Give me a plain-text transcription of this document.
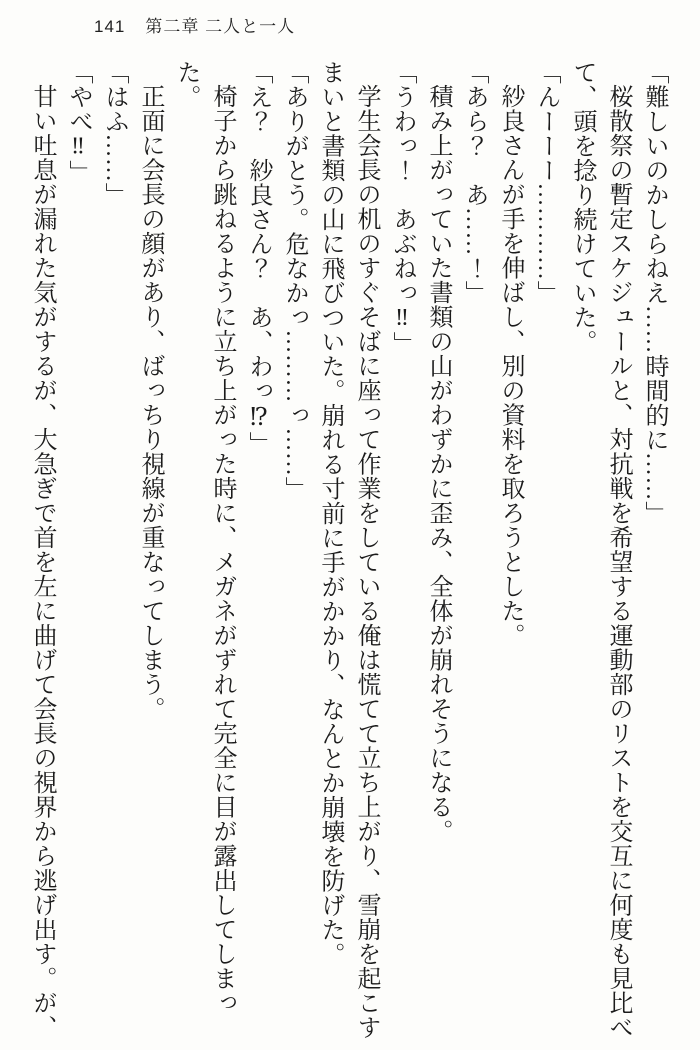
141 第二章 二人と一人

「難しいのかしらねえ……時間的に……」

桜散祭の暫定スケジュールと、対抗戦を希望する運動部のリストを交互に何度も見比べて、頭を捻り続けていた。

「んーーー…………」

紗良さんが手を伸ばし、別の資料を取ろうとした。

「あら？　あ……！」

積み上がっていた書類の山がわずかに歪み、全体が崩れそうになる。

「うわっ！　あぶねっ‼」

学生会長の机のすぐそばに座って作業をしている俺は慌てて立ち上がり、雪崩を起こすまいと書類の山に飛びついた。崩れる寸前に手がかかり、なんとか崩壊を防げた。

「ありがとう。危なかっ………っ……」

「え？　紗良さん？　あ、わっ⁉」

椅子から跳ねるように立ち上がった時に、メガネがずれて完全に目が露出してしまった。

正面に会長の顔があり、ばっちり視線が重なってしまう。

「はふ……」

「やべ‼」

甘い吐息が漏れた気がするが、大急ぎで首を左に曲げて会長の視界から逃げ出す。が、
